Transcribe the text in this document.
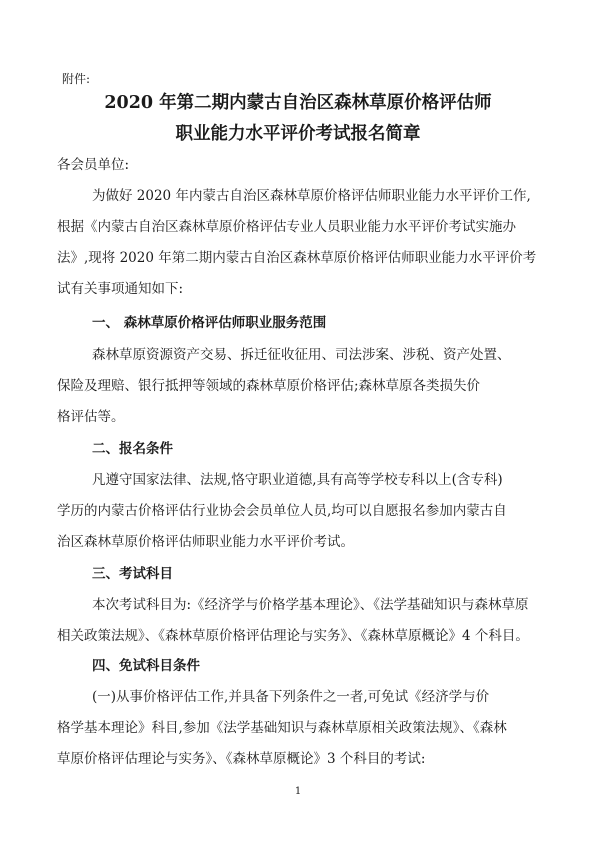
附件:
2020 年第二期内蒙古自治区森林草原价格评估师
职业能力水平评价考试报名简章
各会员单位:
为做好 2020 年内蒙古自治区森林草原价格评估师职业能力水平评价工作,
根据《内蒙古自治区森林草原价格评估专业人员职业能力水平评价考试实施办
法》,现将 2020 年第二期内蒙古自治区森林草原价格评估师职业能力水平评价考
试有关事项通知如下:
一、 森林草原价格评估师职业服务范围
森林草原资源资产交易、拆迁征收征用、司法涉案、涉税、资产处置、
保险及理赔、银行抵押等领域的森林草原价格评估;森林草原各类损失价
格评估等。
二、报名条件
凡遵守国家法律、法规,恪守职业道德,具有高等学校专科以上(含专科)
学历的内蒙古价格评估行业协会会员单位人员,均可以自愿报名参加内蒙古自
治区森林草原价格评估师职业能力水平评价考试。
三、考试科目
本次考试科目为:《经济学与价格学基本理论》、《法学基础知识与森林草原
相关政策法规》、《森林草原价格评估理论与实务》、《森林草原概论》4 个科目。
四、免试科目条件
(一)从事价格评估工作,并具备下列条件之一者,可免试《经济学与价
格学基本理论》科目,参加《法学基础知识与森林草原相关政策法规》、《森林
草原价格评估理论与实务》、《森林草原概论》3 个科目的考试:
1
